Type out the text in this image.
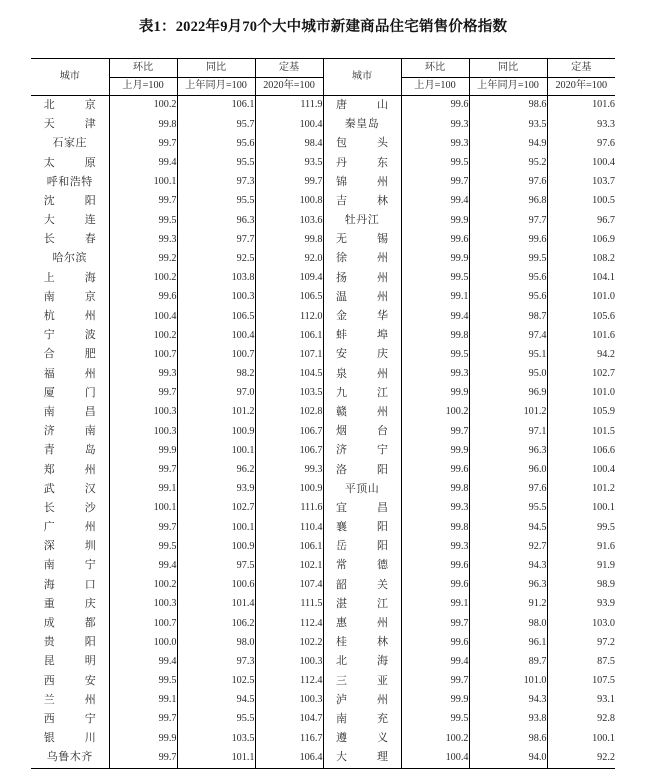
表1：2022年9月70个大中城市新建商品住宅销售价格指数
城市	环比	同比	定基	城市	环比	同比	定基
	上月=100	上年同月=100	2020年=100		上月=100	上年同月=100	2020年=100
北京	100.2	106.1	111.9	唐山	99.6	98.6	101.6
天津	99.8	95.7	100.4	秦皇岛	99.3	93.5	93.3
石家庄	99.7	95.6	98.4	包头	99.3	94.9	97.6
太原	99.4	95.5	93.5	丹东	99.5	95.2	100.4
呼和浩特	100.1	97.3	99.7	锦州	99.7	97.6	103.7
沈阳	99.7	95.5	100.8	吉林	99.4	96.8	100.5
大连	99.5	96.3	103.6	牡丹江	99.9	97.7	96.7
长春	99.3	97.7	99.8	无锡	99.6	99.6	106.9
哈尔滨	99.2	92.5	92.0	徐州	99.9	99.5	108.2
上海	100.2	103.8	109.4	扬州	99.5	95.6	104.1
南京	99.6	100.3	106.5	温州	99.1	95.6	101.0
杭州	100.4	106.5	112.0	金华	99.4	98.7	105.6
宁波	100.2	100.4	106.1	蚌埠	99.8	97.4	101.6
合肥	100.7	100.7	107.1	安庆	99.5	95.1	94.2
福州	99.3	98.2	104.5	泉州	99.3	95.0	102.7
厦门	99.7	97.0	103.5	九江	99.9	96.9	101.0
南昌	100.3	101.2	102.8	赣州	100.2	101.2	105.9
济南	100.3	100.9	106.7	烟台	99.7	97.1	101.5
青岛	99.9	100.1	106.7	济宁	99.9	96.3	106.6
郑州	99.7	96.2	99.3	洛阳	99.6	96.0	100.4
武汉	99.1	93.9	100.9	平顶山	99.8	97.6	101.2
长沙	100.1	102.7	111.6	宜昌	99.3	95.5	100.1
广州	99.7	100.1	110.4	襄阳	99.8	94.5	99.5
深圳	99.5	100.9	106.1	岳阳	99.3	92.7	91.6
南宁	99.4	97.5	102.1	常德	99.6	94.3	91.9
海口	100.2	100.6	107.4	韶关	99.6	96.3	98.9
重庆	100.3	101.4	111.5	湛江	99.1	91.2	93.9
成都	100.7	106.2	112.4	惠州	99.7	98.0	103.0
贵阳	100.0	98.0	102.2	桂林	99.6	96.1	97.2
昆明	99.4	97.3	100.3	北海	99.4	89.7	87.5
西安	99.5	102.5	112.4	三亚	99.7	101.0	107.5
兰州	99.1	94.5	100.3	泸州	99.9	94.3	93.1
西宁	99.7	95.5	104.7	南充	99.5	93.8	92.8
银川	99.9	103.5	116.7	遵义	100.2	98.6	100.1
乌鲁木齐	99.7	101.1	106.4	大理	100.4	94.0	92.2
